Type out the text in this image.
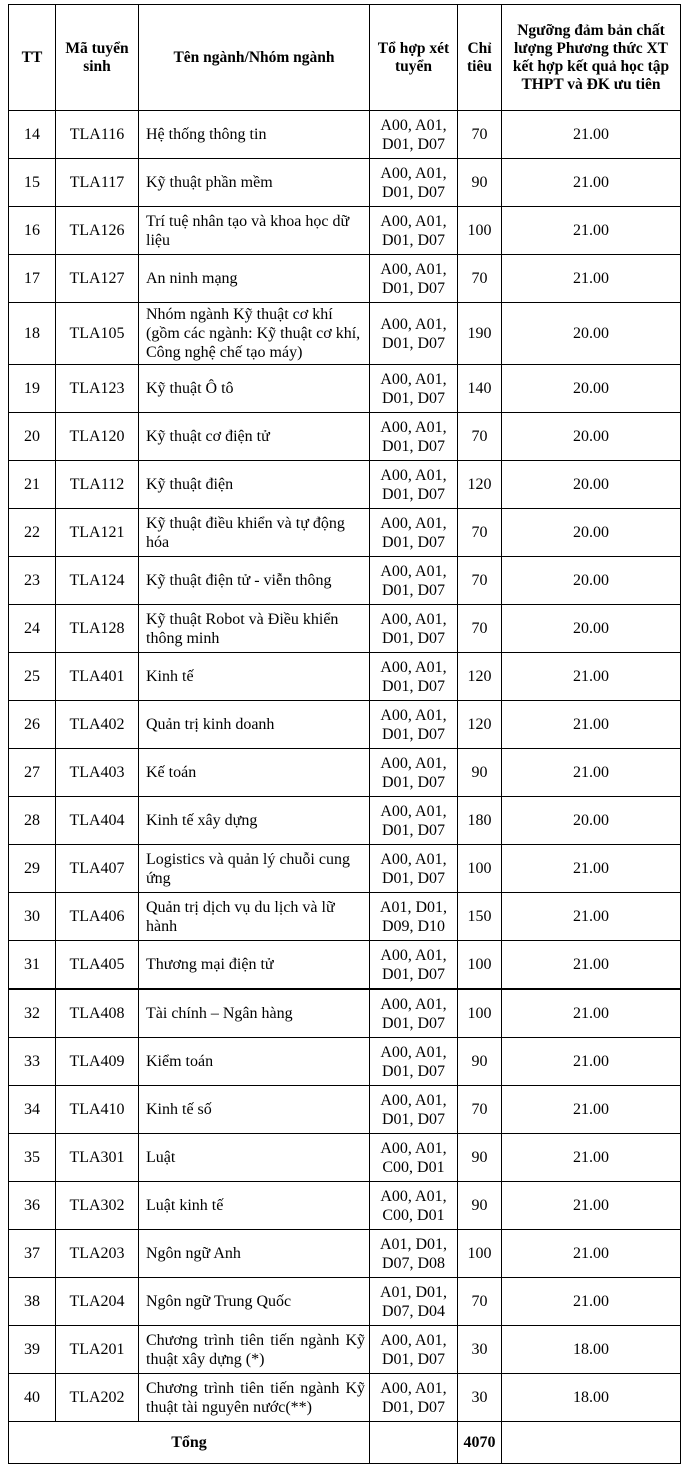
TT	Mã tuyển sinh	Tên ngành/Nhóm ngành	Tổ hợp xét tuyển	Chỉ tiêu	Ngưỡng đảm bản chất lượng Phương thức XT kết hợp kết quả học tập THPT và ĐK ưu tiên
14	TLA116	Hệ thống thông tin	A00, A01, D01, D07	70	21.00
15	TLA117	Kỹ thuật phần mềm	A00, A01, D01, D07	90	21.00
16	TLA126	Trí tuệ nhân tạo và khoa học dữ liệu	A00, A01, D01, D07	100	21.00
17	TLA127	An ninh mạng	A00, A01, D01, D07	70	21.00
18	TLA105	Nhóm ngành Kỹ thuật cơ khí (gồm các ngành: Kỹ thuật cơ khí, Công nghệ chế tạo máy)	A00, A01, D01, D07	190	20.00
19	TLA123	Kỹ thuật Ô tô	A00, A01, D01, D07	140	20.00
20	TLA120	Kỹ thuật cơ điện tử	A00, A01, D01, D07	70	20.00
21	TLA112	Kỹ thuật điện	A00, A01, D01, D07	120	20.00
22	TLA121	Kỹ thuật điều khiển và tự động hóa	A00, A01, D01, D07	70	20.00
23	TLA124	Kỹ thuật điện tử - viễn thông	A00, A01, D01, D07	70	20.00
24	TLA128	Kỹ thuật Robot và Điều khiển thông minh	A00, A01, D01, D07	70	20.00
25	TLA401	Kinh tế	A00, A01, D01, D07	120	21.00
26	TLA402	Quản trị kinh doanh	A00, A01, D01, D07	120	21.00
27	TLA403	Kế toán	A00, A01, D01, D07	90	21.00
28	TLA404	Kinh tế xây dựng	A00, A01, D01, D07	180	20.00
29	TLA407	Logistics và quản lý chuỗi cung ứng	A00, A01, D01, D07	100	21.00
30	TLA406	Quản trị dịch vụ du lịch và lữ hành	A01, D01, D09, D10	150	21.00
31	TLA405	Thương mại điện tử	A00, A01, D01, D07	100	21.00
32	TLA408	Tài chính – Ngân hàng	A00, A01, D01, D07	100	21.00
33	TLA409	Kiểm toán	A00, A01, D01, D07	90	21.00
34	TLA410	Kinh tế số	A00, A01, D01, D07	70	21.00
35	TLA301	Luật	A00, A01, C00, D01	90	21.00
36	TLA302	Luật kinh tế	A00, A01, C00, D01	90	21.00
37	TLA203	Ngôn ngữ Anh	A01, D01, D07, D08	100	21.00
38	TLA204	Ngôn ngữ Trung Quốc	A01, D01, D07, D04	70	21.00
39	TLA201	Chương trình tiên tiến ngành Kỹ thuật xây dựng (*)	A00, A01, D01, D07	30	18.00
40	TLA202	Chương trình tiên tiến ngành Kỹ thuật tài nguyên nước(**)	A00, A01, D01, D07	30	18.00
Tổng				4070	
